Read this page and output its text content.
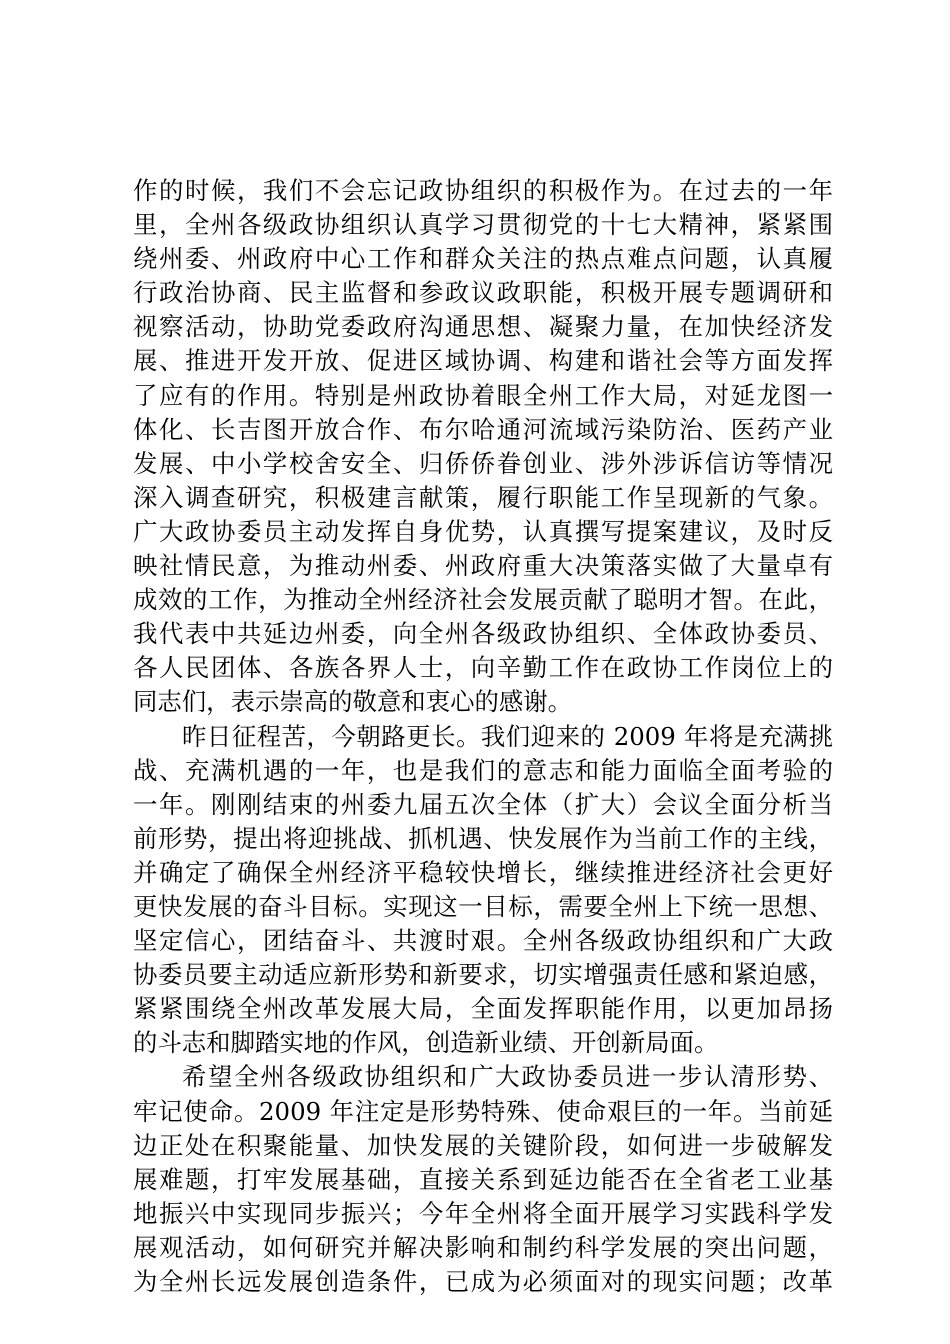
作的时候，我们不会忘记政协组织的积极作为。在过去的一年
里，全州各级政协组织认真学习贯彻党的十七大精神，紧紧围
绕州委、州政府中心工作和群众关注的热点难点问题，认真履
行政治协商、民主监督和参政议政职能，积极开展专题调研和
视察活动，协助党委政府沟通思想、凝聚力量，在加快经济发
展、推进开发开放、促进区域协调、构建和谐社会等方面发挥
了应有的作用。特别是州政协着眼全州工作大局，对延龙图一
体化、长吉图开放合作、布尔哈通河流域污染防治、医药产业
发展、中小学校舍安全、归侨侨眷创业、涉外涉诉信访等情况
深入调查研究，积极建言献策，履行职能工作呈现新的气象。
广大政协委员主动发挥自身优势，认真撰写提案建议，及时反
映社情民意，为推动州委、州政府重大决策落实做了大量卓有
成效的工作，为推动全州经济社会发展贡献了聪明才智。在此，
我代表中共延边州委，向全州各级政协组织、全体政协委员、
各人民团体、各族各界人士，向辛勤工作在政协工作岗位上的
同志们，表示崇高的敬意和衷心的感谢。
昨日征程苦，今朝路更长。我们迎来的 2009 年将是充满挑
战、充满机遇的一年，也是我们的意志和能力面临全面考验的
一年。刚刚结束的州委九届五次全体（扩大）会议全面分析当
前形势，提出将迎挑战、抓机遇、快发展作为当前工作的主线，
并确定了确保全州经济平稳较快增长，继续推进经济社会更好
更快发展的奋斗目标。实现这一目标，需要全州上下统一思想、
坚定信心，团结奋斗、共渡时艰。全州各级政协组织和广大政
协委员要主动适应新形势和新要求，切实增强责任感和紧迫感，
紧紧围绕全州改革发展大局，全面发挥职能作用，以更加昂扬
的斗志和脚踏实地的作风，创造新业绩、开创新局面。
希望全州各级政协组织和广大政协委员进一步认清形势、
牢记使命。2009 年注定是形势特殊、使命艰巨的一年。当前延
边正处在积聚能量、加快发展的关键阶段，如何进一步破解发
展难题，打牢发展基础，直接关系到延边能否在全省老工业基
地振兴中实现同步振兴；今年全州将全面开展学习实践科学发
展观活动，如何研究并解决影响和制约科学发展的突出问题，
为全州长远发展创造条件，已成为必须面对的现实问题；改革
